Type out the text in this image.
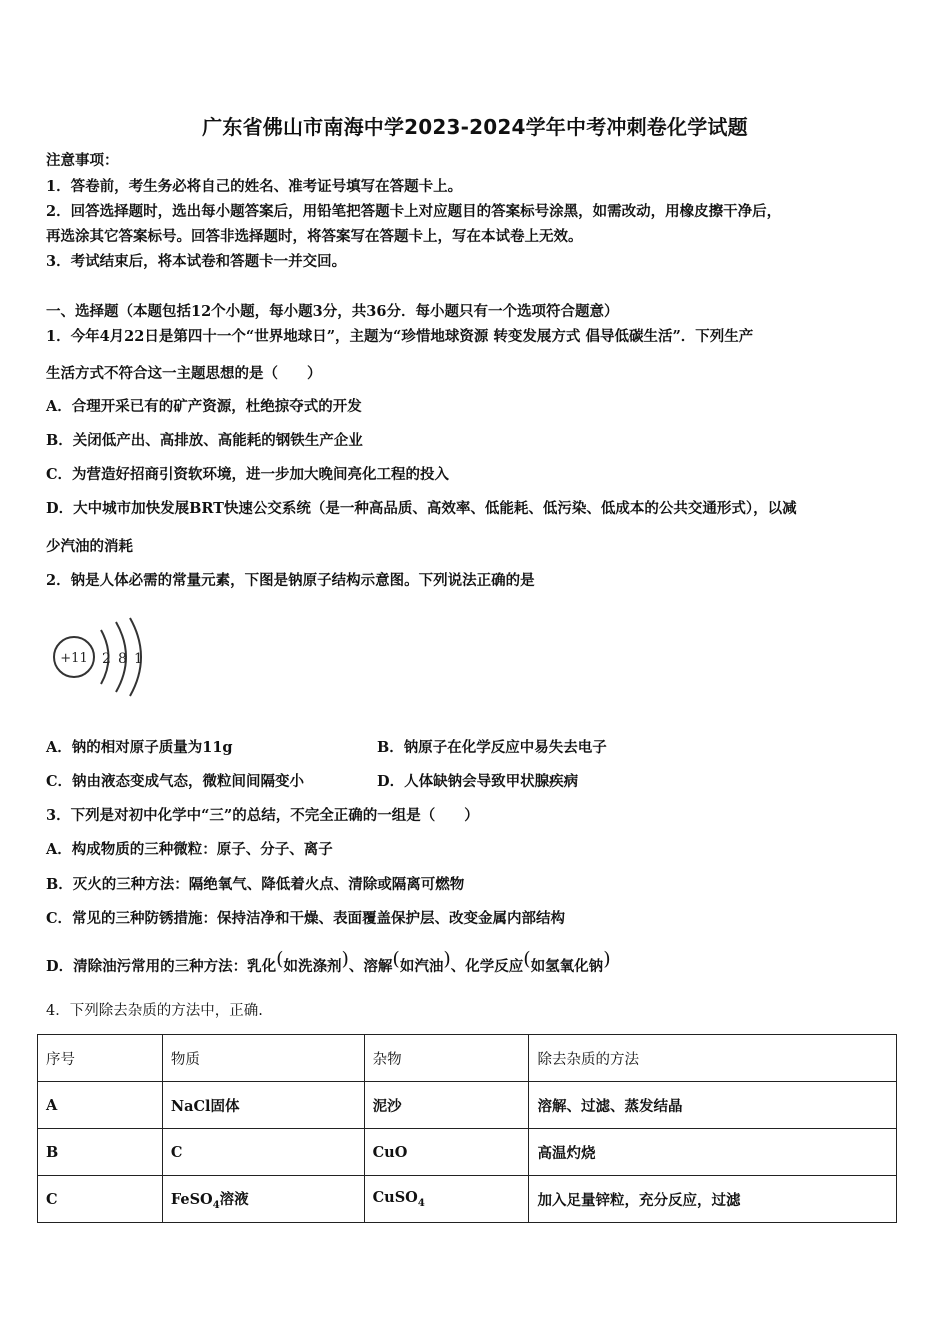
广东省佛山市南海中学2023-2024学年中考冲刺卷化学试题
注意事项：
1．答卷前，考生务必将自己的姓名、准考证号填写在答题卡上。
2．回答选择题时，选出每小题答案后，用铅笔把答题卡上对应题目的答案标号涂黑，如需改动，用橡皮擦干净后，
再选涂其它答案标号。回答非选择题时，将答案写在答题卡上，写在本试卷上无效。
3．考试结束后，将本试卷和答题卡一并交回。
一、选择题（本题包括12个小题，每小题3分，共36分．每小题只有一个选项符合题意）
1．今年4月22日是第四十一个“世界地球日”，主题为“珍惜地球资源 转变发展方式 倡导低碳生活”．下列生产
生活方式不符合这一主题思想的是（　　）
A．合理开采已有的矿产资源，杜绝掠夺式的开发
B．关闭低产出、高排放、高能耗的钢铁生产企业
C．为营造好招商引资软环境，进一步加大晚间亮化工程的投入
D．大中城市加快发展BRT快速公交系统（是一种高品质、高效率、低能耗、低污染、低成本的公共交通形式），以减
少汽油的消耗
2．钠是人体必需的常量元素，下图是钠原子结构示意图。下列说法正确的是
+11 2 8 1
A．钠的相对原子质量为11g	B．钠原子在化学反应中易失去电子
C．钠由液态变成气态，微粒间间隔变小	D．人体缺钠会导致甲状腺疾病
3．下列是对初中化学中“三”的总结，不完全正确的一组是（　　）
A．构成物质的三种微粒：原子、分子、离子
B．灭火的三种方法：隔绝氧气、降低着火点、清除或隔离可燃物
C．常见的三种防锈措施：保持洁净和干燥、表面覆盖保护层、改变金属内部结构
D．清除油污常用的三种方法：乳化(如洗涤剂)、溶解(如汽油)、化学反应(如氢氧化钠)
4．下列除去杂质的方法中，正确.
序号	物质	杂物	除去杂质的方法
A	NaCl固体	泥沙	溶解、过滤、蒸发结晶
B	C	CuO	高温灼烧
C	FeSO$_4$溶液	CuSO$_4$	加入足量锌粒，充分反应，过滤
